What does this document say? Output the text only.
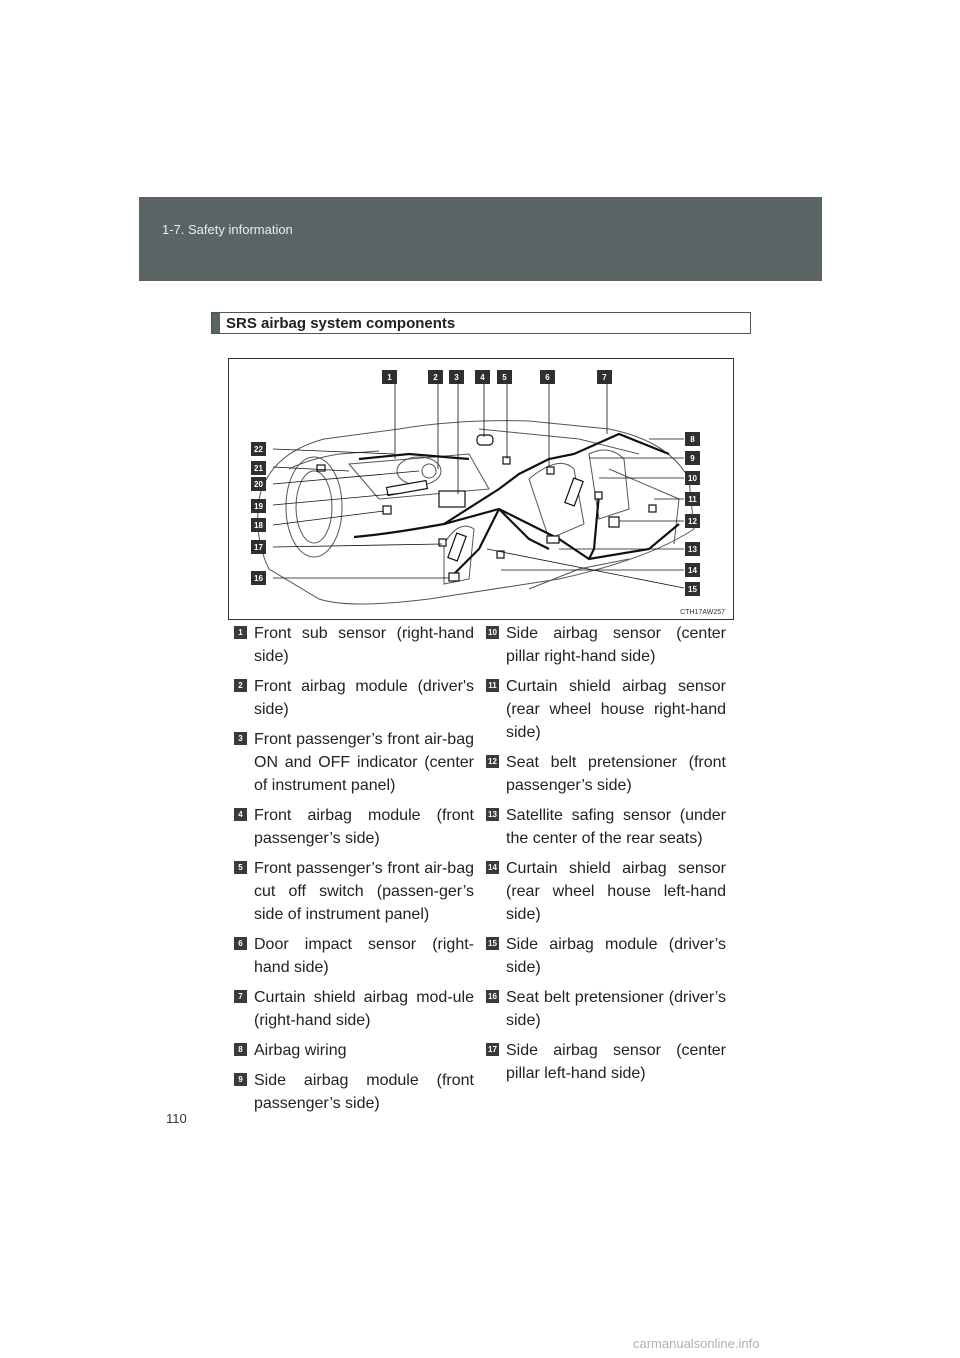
1-7. Safety information
SRS airbag system components
1	2	3	4	5	6	7
8
9
10
11
12
13
14
15
16
17
18
19
20
21
22
CTH17AW257
1 Front sub sensor (right-hand side)
2 Front airbag module (driver's side)
3 Front passenger’s front air-bag ON and OFF indicator (center of instrument panel)
4 Front airbag module (front passenger’s side)
5 Front passenger’s front air-bag cut off switch (passen-ger’s side of instrument panel)
6 Door impact sensor (right-hand side)
7 Curtain shield airbag mod-ule (right-hand side)
8 Airbag wiring
9 Side airbag module (front passenger’s side)
10 Side airbag sensor (center pillar right-hand side)
11 Curtain shield airbag sensor (rear wheel house right-hand side)
12 Seat belt pretensioner (front passenger’s side)
13 Satellite safing sensor (under the center of the rear seats)
14 Curtain shield airbag sensor (rear wheel house left-hand side)
15 Side airbag module (driver’s side)
16 Seat belt pretensioner (driver’s side)
17 Side airbag sensor (center pillar left-hand side)
110
carmanualsonline.info
